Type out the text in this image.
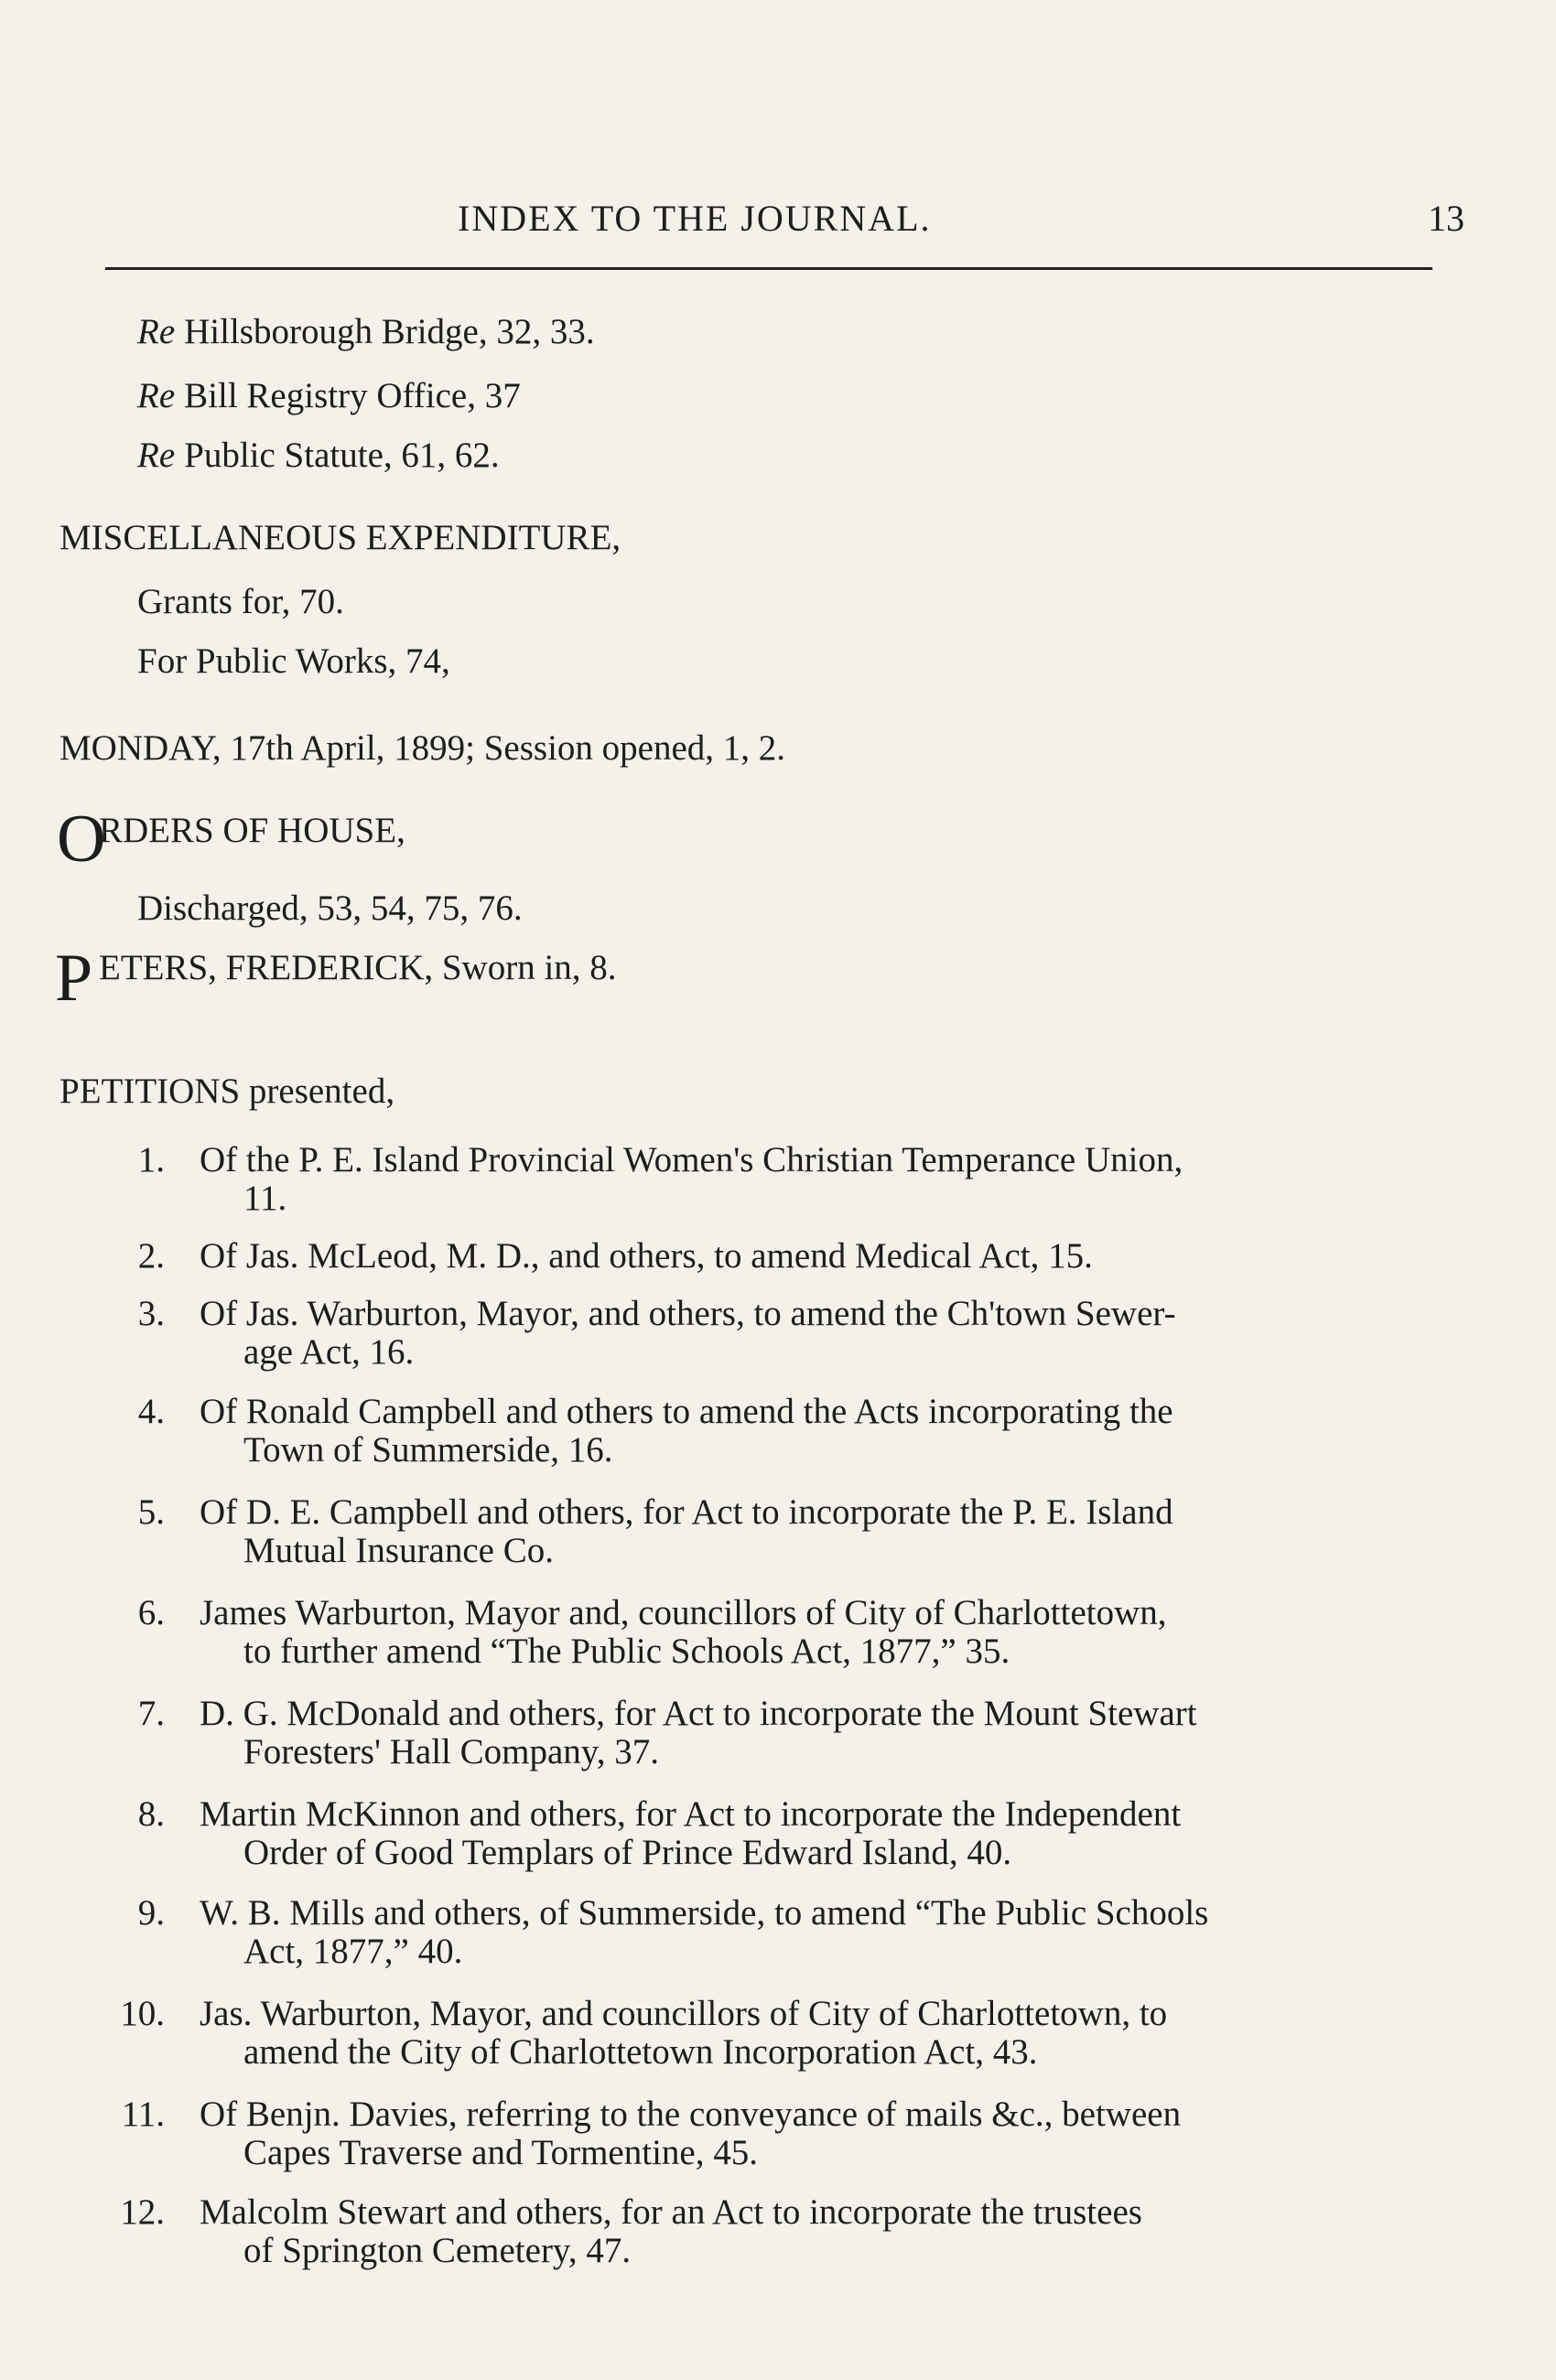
INDEX TO THE JOURNAL.	13
Re Hillsborough Bridge, 32, 33.
Re Bill Registry Office, 37
Re Public Statute, 61, 62.
MISCELLANEOUS EXPENDITURE,
Grants for, 70.
For Public Works, 74,
MONDAY, 17th April, 1899; Session opened, 1, 2.
O
RDERS OF HOUSE,
Discharged, 53, 54, 75, 76.
P ETERS, FREDERICK, Sworn in, 8.
PETITIONS presented,
1. Of the P. E. Island Provincial Women's Christian Temperance Union,
11.
2. Of Jas. McLeod, M. D., and others, to amend Medical Act, 15.
3. Of Jas. Warburton, Mayor, and others, to amend the Ch'town Sewer-
age Act, 16.
4. Of Ronald Campbell and others to amend the Acts incorporating the
Town of Summerside, 16.
5. Of D. E. Campbell and others, for Act to incorporate the P. E. Island
Mutual Insurance Co.
6. James Warburton, Mayor and, councillors of City of Charlottetown,
to further amend “The Public Schools Act, 1877,” 35.
7. D. G. McDonald and others, for Act to incorporate the Mount Stewart
Foresters' Hall Company, 37.
8. Martin McKinnon and others, for Act to incorporate the Independent
Order of Good Templars of Prince Edward Island, 40.
9. W. B. Mills and others, of Summerside, to amend “The Public Schools
Act, 1877,” 40.
10. Jas. Warburton, Mayor, and councillors of City of Charlottetown, to
amend the City of Charlottetown Incorporation Act, 43.
11. Of Benjn. Davies, referring to the conveyance of mails &c., between
Capes Traverse and Tormentine, 45.
12. Malcolm Stewart and others, for an Act to incorporate the trustees
of Springton Cemetery, 47.
